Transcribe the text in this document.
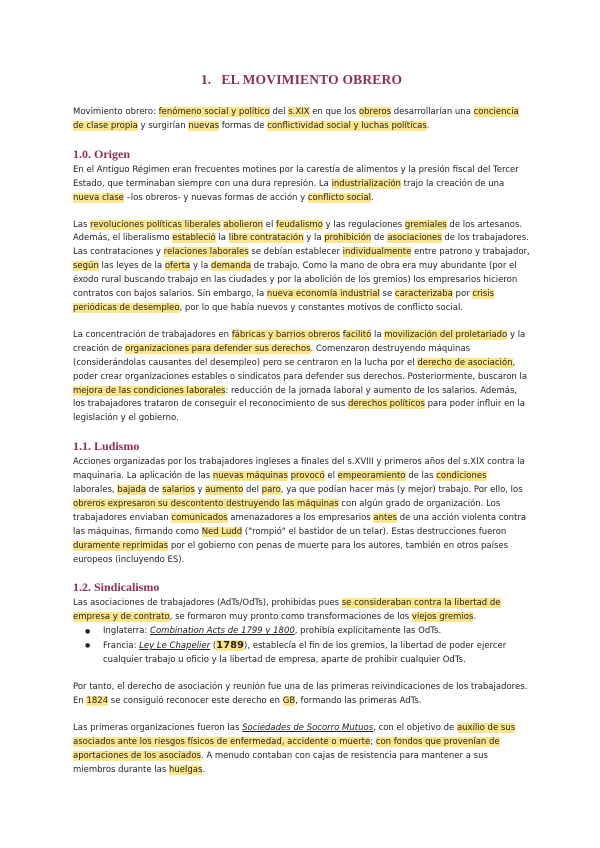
1. EL MOVIMIENTO OBRERO

Movimiento obrero: fenómeno social y político del s.XIX en que los obreros desarrollarían una conciencia de clase propia y surgirían nuevas formas de conflictividad social y luchas políticas.

1.0. Origen

En el Antiguo Régimen eran frecuentes motines por la carestía de alimentos y la presión fiscal del Tercer Estado, que terminaban siempre con una dura represión. La industrialización trajo la creación de una nueva clase –los obreros- y nuevas formas de acción y conflicto social.

Las revoluciones políticas liberales abolieron el feudalismo y las regulaciones gremiales de los artesanos. Además, el liberalismo estableció la libre contratación y la prohibición de asociaciones de los trabajadores. Las contrataciones y relaciones laborales se debían establecer individualmente entre patrono y trabajador, según las leyes de la oferta y la demanda de trabajo. Como la mano de obra era muy abundante (por el éxodo rural buscando trabajo en las ciudades y por la abolición de los gremios) los empresarios hicieron contratos con bajos salarios. Sin embargo, la nueva economía industrial se caracterizaba por crisis periódicas de desempleo, por lo que había nuevos y constantes motivos de conflicto social.

La concentración de trabajadores en fábricas y barrios obreros facilitó la movilización del proletariado y la creación de organizaciones para defender sus derechos. Comenzaron destruyendo máquinas (considerándolas causantes del desempleo) pero se centraron en la lucha por el derecho de asociación, poder crear organizaciones estables o sindicatos para defender sus derechos. Posteriormente, buscaron la mejora de las condiciones laborales: reducción de la jornada laboral y aumento de los salarios. Además, los trabajadores trataron de conseguir el reconocimiento de sus derechos políticos para poder influir en la legislación y el gobierno.

1.1. Ludismo

Acciones organizadas por los trabajadores ingleses a finales del s.XVIII y primeros años del s.XIX contra la maquinaria. La aplicación de las nuevas máquinas provocó el empeoramiento de las condiciones laborales, bajada de salarios y aumento del paro, ya que podían hacer más (y mejor) trabajo. Por ello, los obreros expresaron su descontento destruyendo las máquinas con algún grado de organización. Los trabajadores enviaban comunicados amenazadores a los empresarios antes de una acción violenta contra las máquinas, firmando como Ned Ludd ("rompió" el bastidor de un telar). Estas destrucciones fueron duramente reprimidas por el gobierno con penas de muerte para los autores, también en otros países europeos (incluyendo ES).

1.2. Sindicalismo

Las asociaciones de trabajadores (AdTs/OdTs), prohibidas pues se consideraban contra la libertad de empresa y de contrato, se formaron muy pronto como transformaciones de los viejos gremios.

● Inglaterra: Combination Acts de 1799 y 1800, prohibía explícitamente las OdTs.
● Francia: Ley Le Chapelier (1789), establecía el fin de los gremios, la libertad de poder ejercer cualquier trabajo u oficio y la libertad de empresa, aparte de prohibir cualquier OdTs.

Por tanto, el derecho de asociación y reunión fue una de las primeras reivindicaciones de los trabajadores. En 1824 se consiguió reconocer este derecho en GB, formando las primeras AdTs.

Las primeras organizaciones fueron las Sociedades de Socorro Mutuos, con el objetivo de auxilio de sus asociados ante los riesgos físicos de enfermedad, accidente o muerte; con fondos que provenían de aportaciones de los asociados. A menudo contaban con cajas de resistencia para mantener a sus miembros durante las huelgas.
